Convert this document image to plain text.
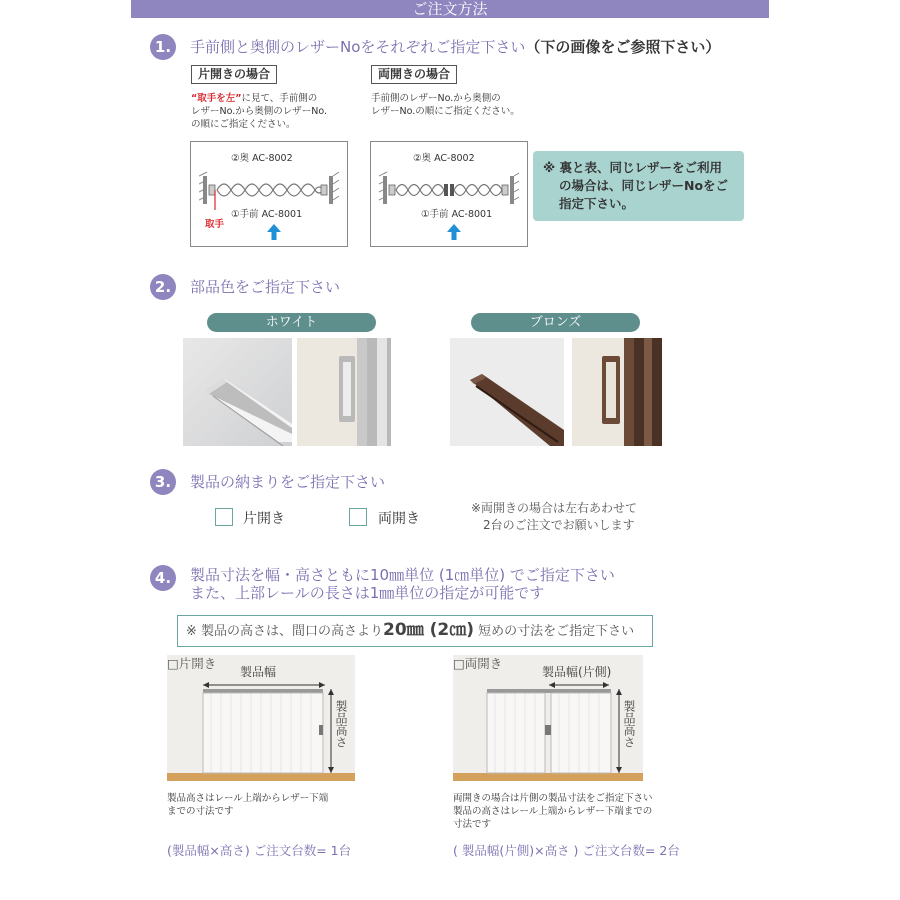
ご注文方法
1.	手前側と奥側のレザーNoをそれぞれご指定下さい（下の画像をご参照下さい）
片開きの場合
“取手を左”に見て、手前側の
レザーNo.から奥側のレザーNo.
の順にご指定ください。
両開きの場合
手前側のレザーNo.から奥側の
レザーNo.の順にご指定ください。
②奥 AC-8002
①手前 AC-8001
取手
②奥 AC-8002
①手前 AC-8001
※ 裏と表、同じレザーをご利用
の場合は、同じレザーNoをご
指定下さい。
2.	部品色をご指定下さい
ホワイト	ブロンズ
3.	製品の納まりをご指定下さい
片開き	両開き
※両開きの場合は左右あわせて
2台のご注文でお願いします
4.	製品寸法を幅・高さともに10㎜単位 (1㎝単位) でご指定下さい
また、上部レールの長さは1㎜単位の指定が可能です
※ 製品の高さは、間口の高さより20㎜ (2㎝) 短めの寸法をご指定下さい
□片開き
製品幅
製品高さ
製品高さはレール上端からレザー下端
までの寸法です
(製品幅×高さ) ご注文台数= 1台
□両開き
製品幅(片側)
製品高さ
両開きの場合は片側の製品寸法をご指定下さい
製品の高さはレール上端からレザー下端までの
寸法です
( 製品幅(片側)×高さ ) ご注文台数= 2台
